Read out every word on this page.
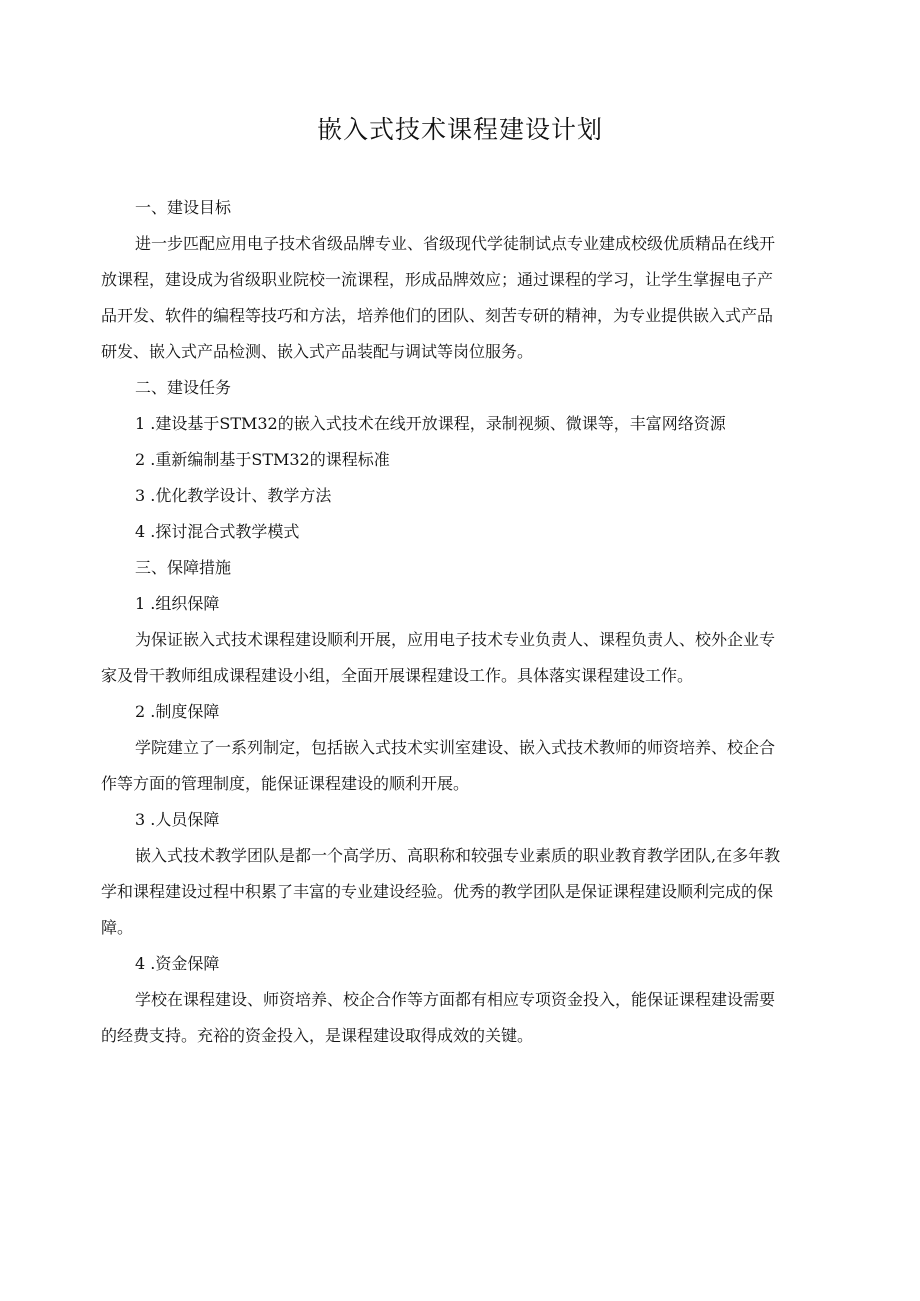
嵌入式技术课程建设计划

一、建设目标

进一步匹配应用电子技术省级品牌专业、省级现代学徒制试点专业建成校级优质精品在线开

放课程，建设成为省级职业院校一流课程，形成品牌效应；通过课程的学习，让学生掌握电子产

品开发、软件的编程等技巧和方法，培养他们的团队、刻苦专研的精神，为专业提供嵌入式产品

研发、嵌入式产品检测、嵌入式产品装配与调试等岗位服务。

二、建设任务

1 .建设基于STM32的嵌入式技术在线开放课程，录制视频、微课等，丰富网络资源

2 .重新编制基于STM32的课程标准

3 .优化教学设计、教学方法

4 .探讨混合式教学模式

三、保障措施

1 .组织保障

为保证嵌入式技术课程建设顺利开展，应用电子技术专业负责人、课程负责人、校外企业专

家及骨干教师组成课程建设小组，全面开展课程建设工作。具体落实课程建设工作。

2 .制度保障

学院建立了一系列制定，包括嵌入式技术实训室建设、嵌入式技术教师的师资培养、校企合

作等方面的管理制度，能保证课程建设的顺利开展。

3 .人员保障

嵌入式技术教学团队是都一个高学历、高职称和较强专业素质的职业教育教学团队,在多年教

学和课程建设过程中积累了丰富的专业建设经验。优秀的教学团队是保证课程建设顺利完成的保

障。

4 .资金保障

学校在课程建设、师资培养、校企合作等方面都有相应专项资金投入，能保证课程建设需要

的经费支持。充裕的资金投入，是课程建设取得成效的关键。
